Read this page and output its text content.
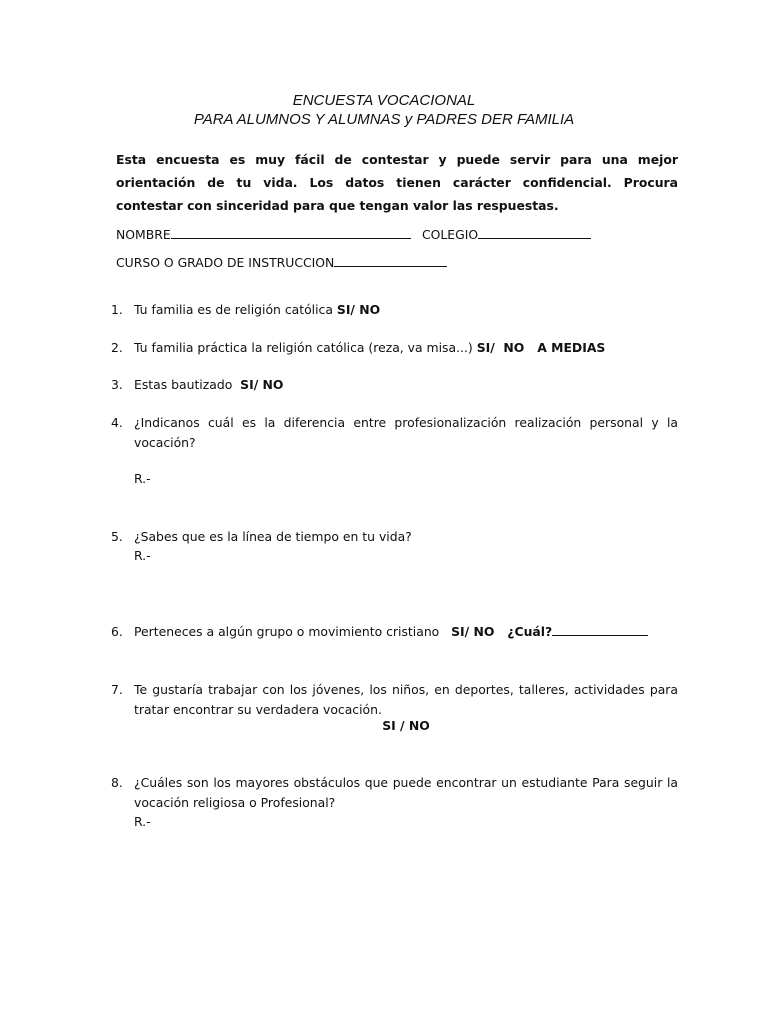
ENCUESTA VOCACIONAL
PARA ALUMNOS Y ALUMNAS y PADRES DER FAMILIA
Esta encuesta es muy fácil de contestar y puede servir para una mejor orientación de tu vida. Los datos tienen carácter confidencial. Procura contestar con sinceridad para que tengan valor las respuestas.
NOMBRE	COLEGIO
CURSO O GRADO DE INSTRUCCION
1. Tu familia es de religión católica SI/ NO
2. Tu familia práctica la religión católica (reza, va misa...) SI/  NO   A MEDIAS
3. Estas bautizado  SI/ NO
4. ¿Indicanos cuál es la diferencia entre profesionalización realización personal y la vocación?
R.-
5. ¿Sabes que es la línea de tiempo en tu vida?
R.-
6. Perteneces a algún grupo o movimiento cristiano   SI/ NO   ¿Cuál?
7. Te gustaría trabajar con los jóvenes, los niños, en deportes, talleres, actividades para tratar encontrar su verdadera vocación.
SI / NO
8. ¿Cuáles son los mayores obstáculos que puede encontrar un estudiante Para seguir la vocación religiosa o Profesional?
R.-
